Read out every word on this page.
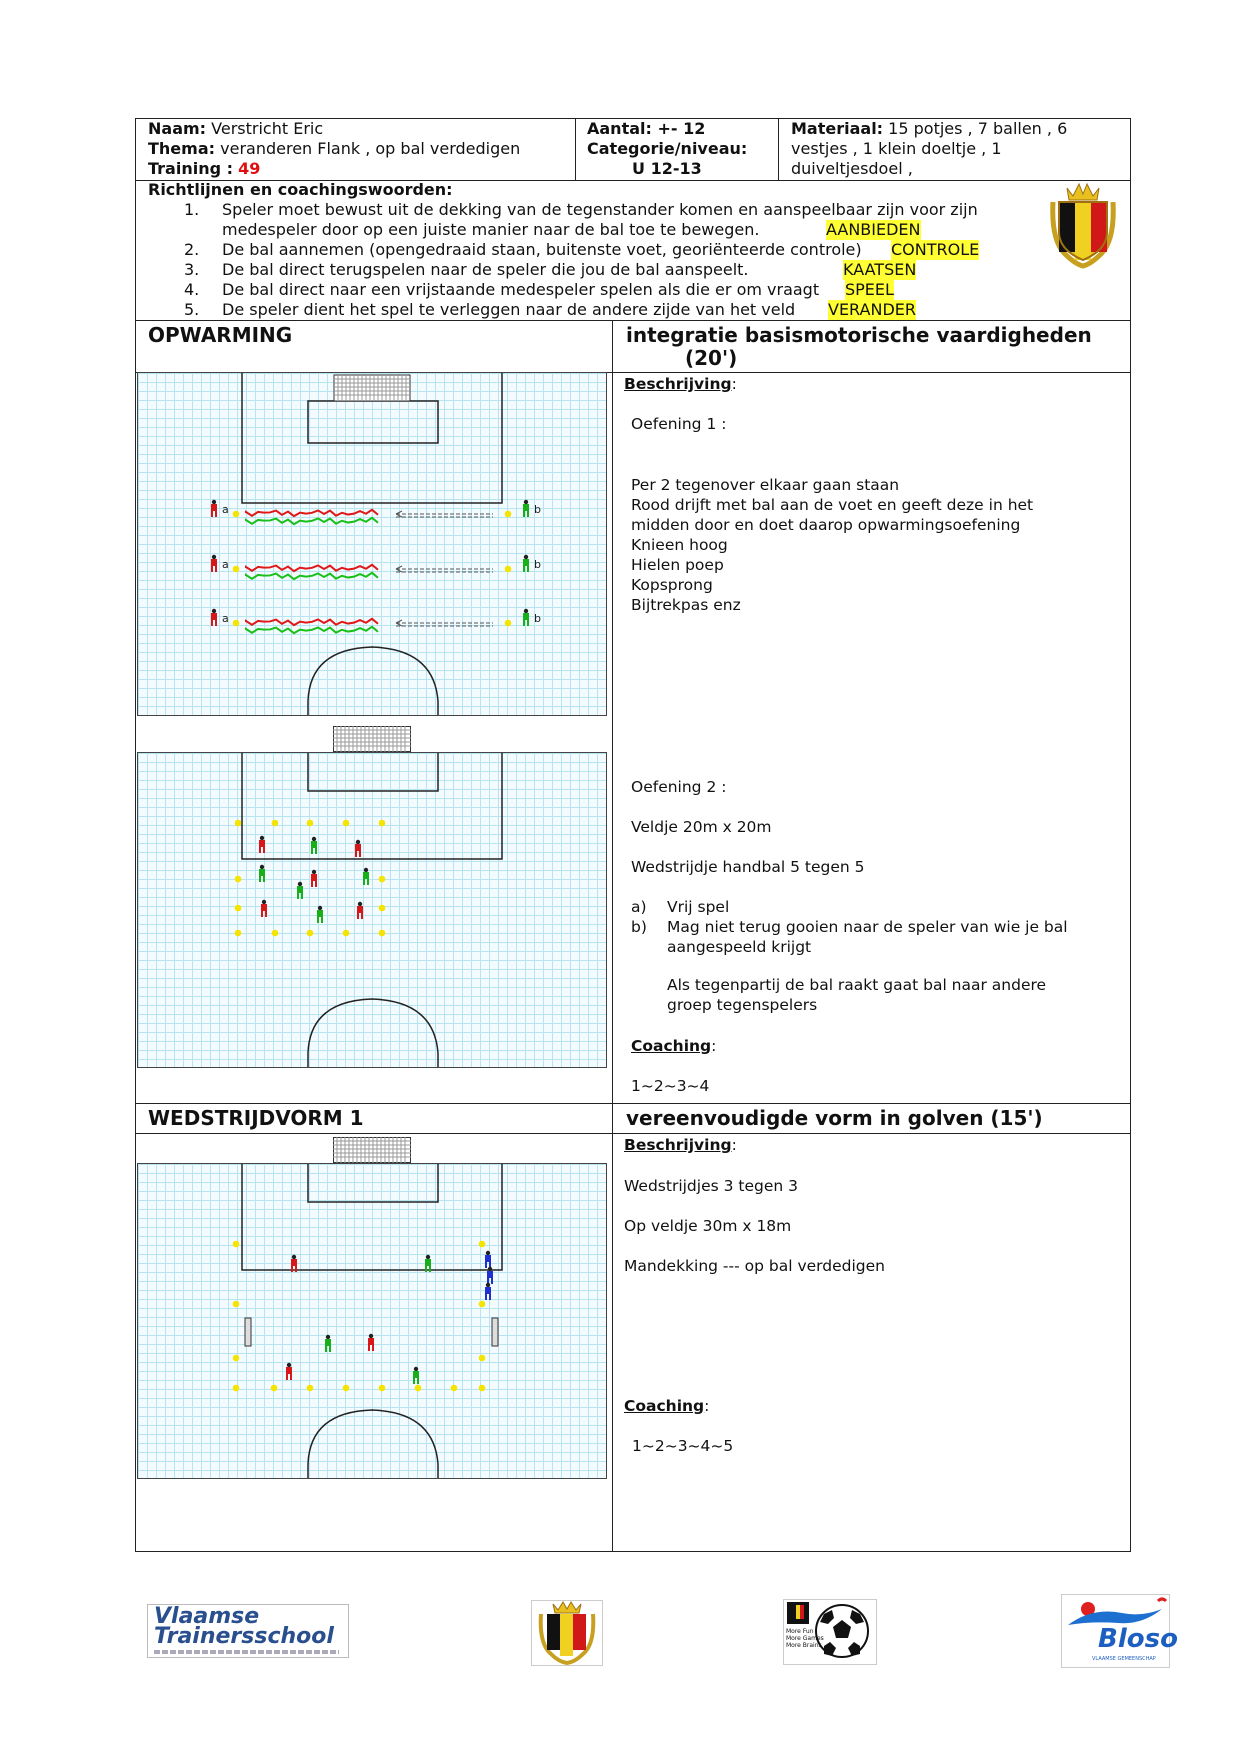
Naam: Verstricht Eric
Thema: veranderen Flank , op bal verdedigen
Training : 49
Aantal: +- 12
Categorie/niveau:
U 12-13
Materiaal: 15 potjes , 7 ballen , 6
vestjes , 1 klein doeltje , 1
duiveltjesdoel ,
Richtlijnen en coachingswoorden:
1. Speler moet bewust uit de dekking van de tegenstander komen en aanspeelbaar zijn voor zijn
medespeler door op een juiste manier naar de bal toe te bewegen.	AANBIEDEN
2. De bal aannemen (opengedraaid staan, buitenste voet, georiënteerde controle) CONTROLE
3. De bal direct terugspelen naar de speler die jou de bal aanspeelt.	KAATSEN
4. De bal direct naar een vrijstaande medespeler spelen als die er om vraagt SPEEL
5. De speler dient het spel te verleggen naar de andere zijde van het veld VERANDER
OPWARMING	integratie basismotorische vaardigheden
(20')
Beschrijving:
Oefening 1 :
Per 2 tegenover elkaar gaan staan
Rood drijft met bal aan de voet en geeft deze in het
midden door en doet daarop opwarmingsoefening
Knieen hoog
Hielen poep
Kopsprong
Bijtrekpas enz
Oefening 2 :
Veldje 20m x 20m
Wedstrijdje handbal 5 tegen 5
a) Vrij spel
b) Mag niet terug gooien naar de speler van wie je bal
aangespeeld krijgt
Als tegenpartij de bal raakt gaat bal naar andere
groep tegenspelers
Coaching:
1~2~3~4
a	b
a	b
a	b
WEDSTRIJDVORM 1	vereenvoudigde vorm in golven (15')
Beschrijving:
Wedstrijdjes 3 tegen 3
Op veldje 30m x 18m
Mandekking --- op bal verdedigen
Coaching:
1~2~3~4~5
Vlaamse
Trainersschool	More Fun
More Games
More Brains	Bloso
VLAAMSE GEMEENSCHAP
